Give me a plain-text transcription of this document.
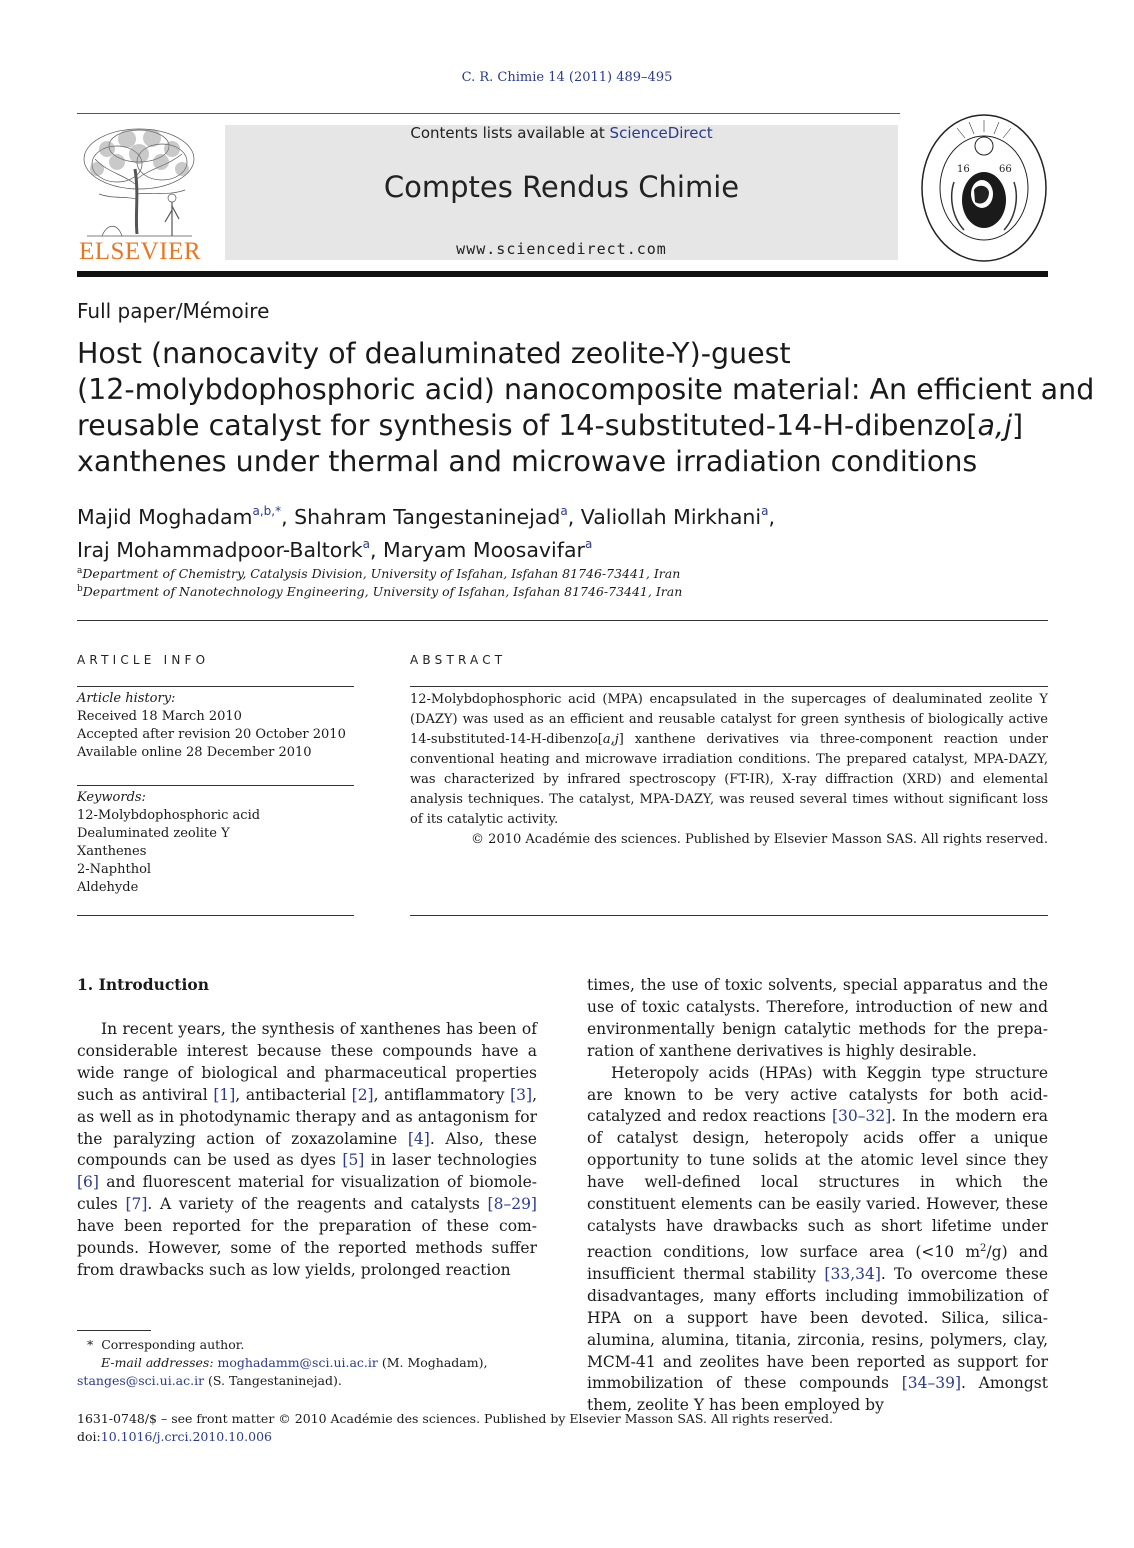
C. R. Chimie 14 (2011) 489–495
ELSEVIER
Contents lists available at ScienceDirect
Comptes Rendus Chimie
www.sciencedirect.com
16	66
Full paper/Mémoire
Host (nanocavity of dealuminated zeolite-Y)-guest
(12-molybdophosphoric acid) nanocomposite material: An efficient and
reusable catalyst for synthesis of 14-substituted-14-H-dibenzo[a,j]
xanthenes under thermal and microwave irradiation conditions
Majid Moghadam$^{a,b,*}$, Shahram Tangestaninejad$^a$, Valiollah Mirkhani$^a$,
Iraj Mohammadpoor-Baltork$^a$, Maryam Moosavifar$^a$
$^a$Department of Chemistry, Catalysis Division, University of Isfahan, Isfahan 81746-73441, Iran
$^b$Department of Nanotechnology Engineering, University of Isfahan, Isfahan 81746-73441, Iran
ARTICLE INFO
Article history:
Received 18 March 2010
Accepted after revision 20 October 2010
Available online 28 December 2010
Keywords:
12-Molybdophosphoric acid
Dealuminated zeolite Y
Xanthenes
2-Naphthol
Aldehyde
ABSTRACT
12-Molybdophosphoric acid (MPA) encapsulated in the supercages of dealuminated zeolite Y (DAZY) was used as an efficient and reusable catalyst for green synthesis of biologically active 14-substituted-14-H-dibenzo[a,j] xanthene derivatives via three-component reaction under conventional heating and microwave irradiation conditions. The prepared catalyst, MPA-DAZY, was characterized by infrared spectroscopy (FT-IR), X-ray diffraction (XRD) and elemental analysis techniques. The catalyst, MPA-DAZY, was reused several times without significant loss of its catalytic activity.
© 2010 Académie des sciences. Published by Elsevier Masson SAS. All rights reserved.
1. Introduction

In recent years, the synthesis of xanthenes has been of considerable interest because these compounds have a wide range of biological and pharmaceutical properties such as antiviral [1], antibacterial [2], antiflammatory [3], as well as in photodynamic therapy and as antagonism for the paralyzing action of zoxazolamine [4]. Also, these compounds can be used as dyes [5] in laser technologies [6] and fluorescent material for visualization of biomole-cules [7]. A variety of the reagents and catalysts [8–29] have been reported for the preparation of these com-pounds. However, some of the reported methods suffer from drawbacks such as low yields, prolonged reaction

times, the use of toxic solvents, special apparatus and the use of toxic catalysts. Therefore, introduction of new and environmentally benign catalytic methods for the prepa-ration of xanthene derivatives is highly desirable.

Heteropoly acids (HPAs) with Keggin type structure are known to be very active catalysts for both acid-catalyzed and redox reactions [30–32]. In the modern era of catalyst design, heteropoly acids offer a unique opportunity to tune solids at the atomic level since they have well-defined local structures in which the constituent elements can be easily varied. However, these catalysts have drawbacks such as short lifetime under reaction conditions, low surface area (<10 $m^2/g$) and insufficient thermal stability [33,34]. To overcome these disadvantages, many efforts including immobilization of HPA on a support have been devoted. Silica, silica-alumina, alumina, titania, zirconia, resins, polymers, clay, MCM-41 and zeolites have been reported as support for immobilization of these compounds [34–39]. Amongst them, zeolite Y has been employed by

* Corresponding author.
E-mail addresses: moghadamm@sci.ui.ac.ir (M. Moghadam),
stanges@sci.ui.ac.ir (S. Tangestaninejad).
1631-0748/$ – see front matter © 2010 Académie des sciences. Published by Elsevier Masson SAS. All rights reserved.
doi:10.1016/j.crci.2010.10.006
